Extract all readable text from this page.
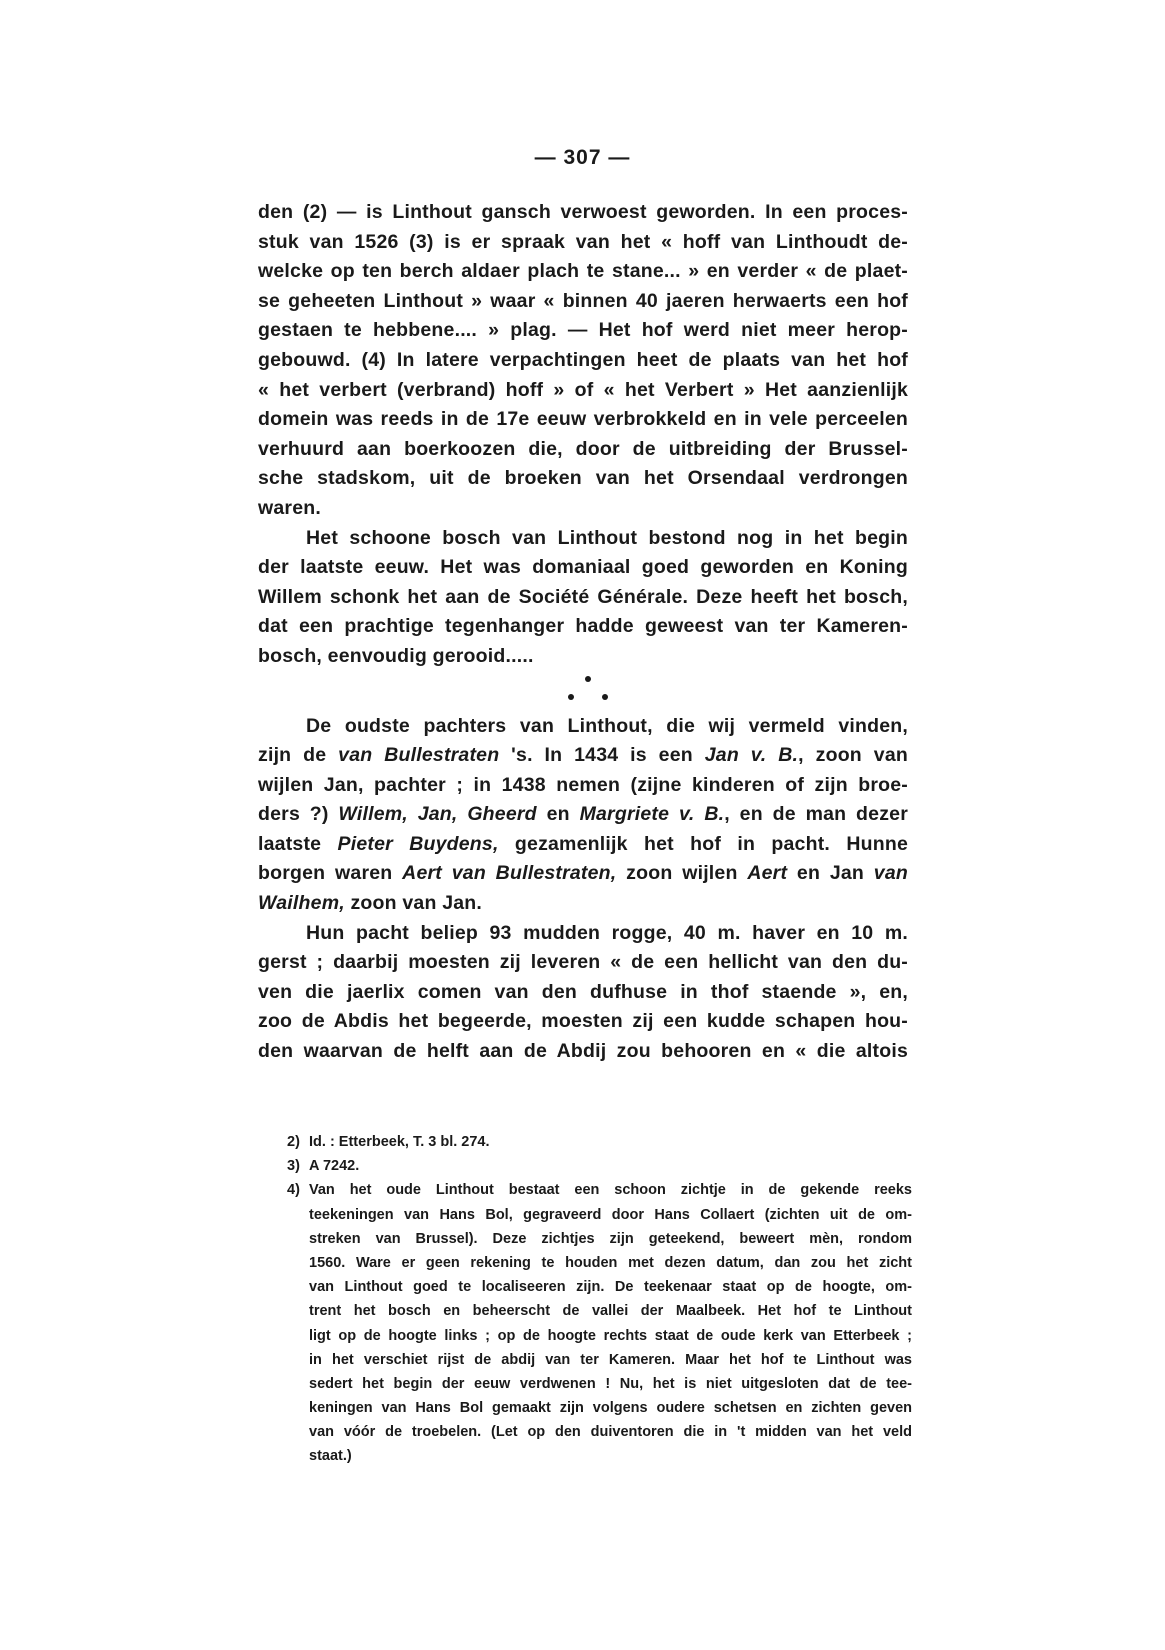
— 307 —
den (2) — is Linthout gansch verwoest geworden. In een proces-
stuk van 1526 (3) is er spraak van het « hoff van Linthoudt de-
welcke op ten berch aldaer plach te stane... » en verder « de plaet-
se geheeten Linthout » waar « binnen 40 jaeren herwaerts een hof
gestaen te hebbene.... » plag. — Het hof werd niet meer herop-
gebouwd. (4) In latere verpachtingen heet de plaats van het hof
« het verbert (verbrand) hoff » of « het Verbert » Het aanzienlijk
domein was reeds in de 17e eeuw verbrokkeld en in vele perceelen
verhuurd aan boerkoozen die, door de uitbreiding der Brussel-
sche stadskom, uit de broeken van het Orsendaal verdrongen
waren.
Het schoone bosch van Linthout bestond nog in het begin
der laatste eeuw. Het was domaniaal goed geworden en Koning
Willem schonk het aan de Société Générale. Deze heeft het bosch,
dat een prachtige tegenhanger hadde geweest van ter Kameren-
bosch, eenvoudig gerooid.....
De oudste pachters van Linthout, die wij vermeld vinden,
zijn de van Bullestraten 's. In 1434 is een Jan v. B., zoon van
wijlen Jan, pachter ; in 1438 nemen (zijne kinderen of zijn broe-
ders ?) Willem, Jan, Gheerd en Margriete v. B., en de man dezer
laatste Pieter Buydens, gezamenlijk het hof in pacht. Hunne
borgen waren Aert van Bullestraten, zoon wijlen Aert en Jan van
Wailhem, zoon van Jan.
Hun pacht beliep 93 mudden rogge, 40 m. haver en 10 m.
gerst ; daarbij moesten zij leveren « de een hellicht van den du-
ven die jaerlix comen van den dufhuse in thof staende », en,
zoo de Abdis het begeerde, moesten zij een kudde schapen hou-
den waarvan de helft aan de Abdij zou behooren en « die altois
2) Id. : Etterbeek, T. 3 bl. 274.
3) A 7242.
4) Van het oude Linthout bestaat een schoon zichtje in de gekende reeks
teekeningen van Hans Bol, gegraveerd door Hans Collaert (zichten uit de om-
streken van Brussel). Deze zichtjes zijn geteekend, beweert mèn, rondom
1560. Ware er geen rekening te houden met dezen datum, dan zou het zicht
van Linthout goed te localiseeren zijn. De teekenaar staat op de hoogte, om-
trent het bosch en beheerscht de vallei der Maalbeek. Het hof te Linthout
ligt op de hoogte links ; op de hoogte rechts staat de oude kerk van Etterbeek ;
in het verschiet rijst de abdij van ter Kameren. Maar het hof te Linthout was
sedert het begin der eeuw verdwenen ! Nu, het is niet uitgesloten dat de tee-
keningen van Hans Bol gemaakt zijn volgens oudere schetsen en zichten geven
van vóór de troebelen. (Let op den duiventoren die in 't midden van het veld
staat.)
